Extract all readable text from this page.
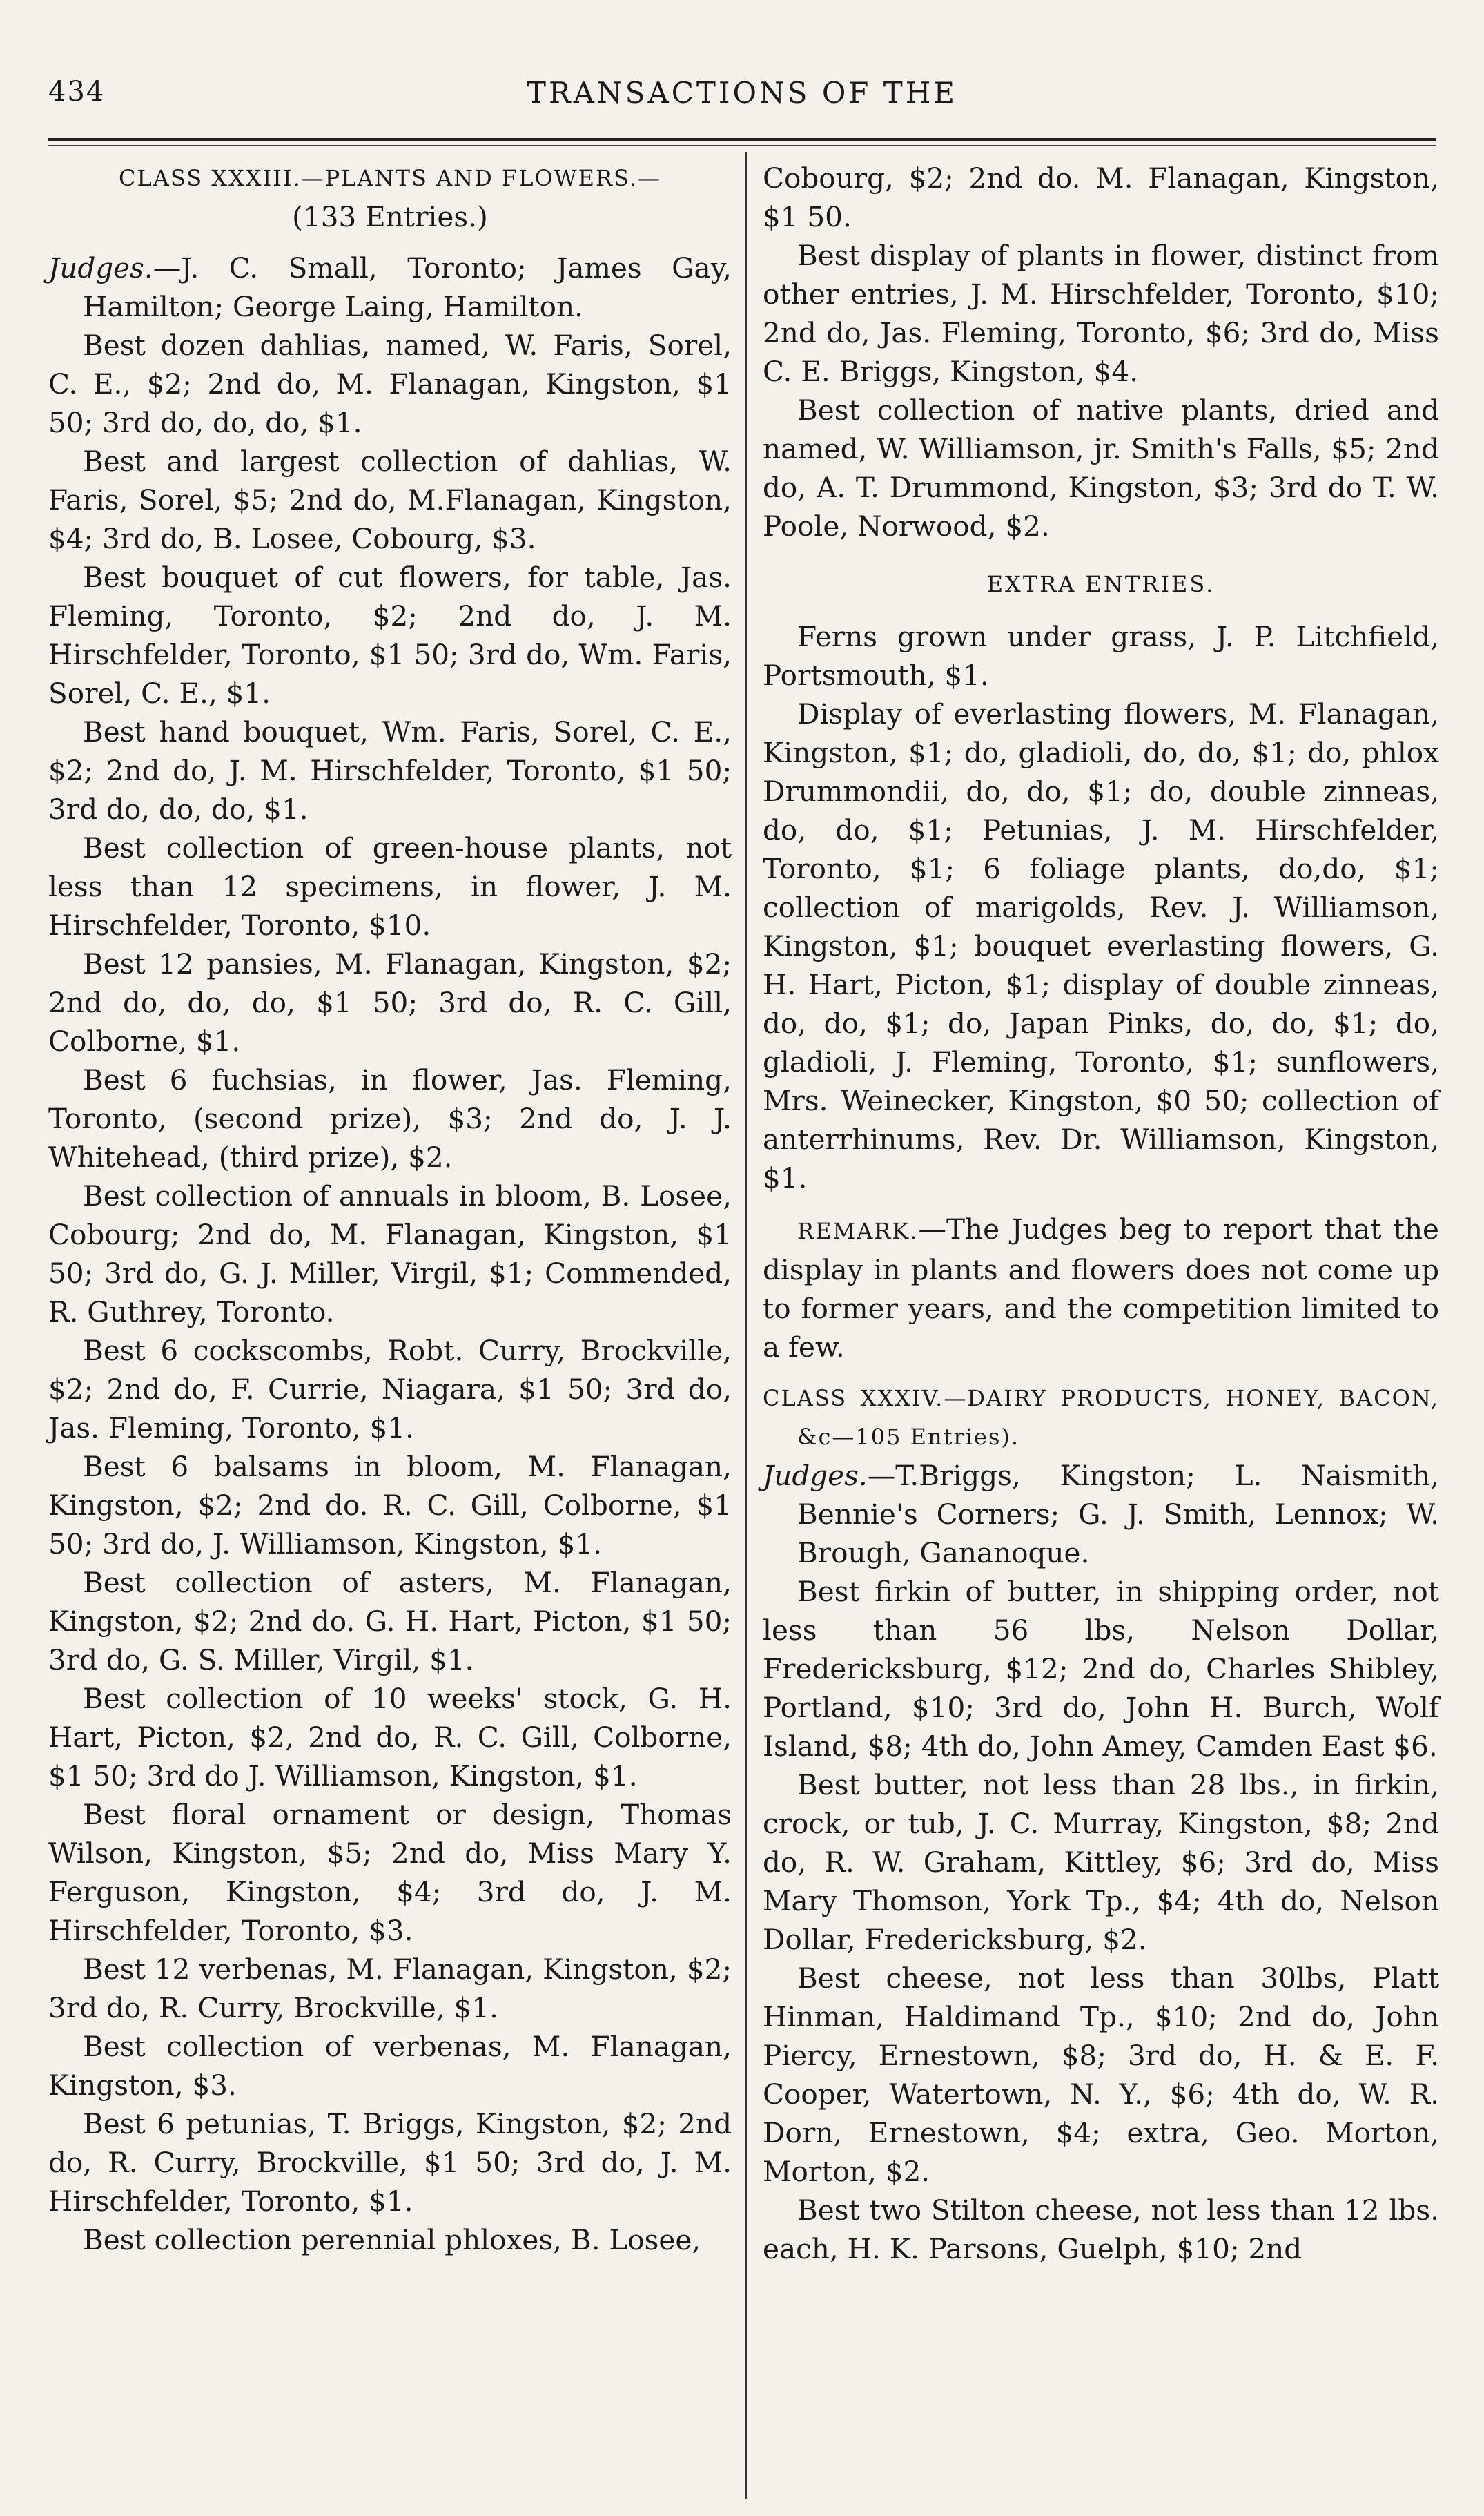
434	TRANSACTIONS OF THE

CLASS XXXIII.—PLANTS AND FLOWERS.—

(133 Entries.)

Judges.—J. C. Small, Toronto; James Gay, Hamilton; George Laing, Hamilton.

Best dozen dahlias, named, W. Faris, Sorel, C. E., $2; 2nd do, M. Flanagan, Kingston, $1 50; 3rd do, do, do, $1.

Best and largest collection of dahlias, W. Faris, Sorel, $5; 2nd do, M.Flanagan, Kingston, $4; 3rd do, B. Losee, Cobourg, $3.

Best bouquet of cut flowers, for table, Jas. Fleming, Toronto, $2; 2nd do, J. M. Hirschfelder, Toronto, $1 50; 3rd do, Wm. Faris, Sorel, C. E., $1.

Best hand bouquet, Wm. Faris, Sorel, C. E., $2; 2nd do, J. M. Hirschfelder, Toronto, $1 50; 3rd do, do, do, $1.

Best collection of green-house plants, not less than 12 specimens, in flower, J. M. Hirschfelder, Toronto, $10.

Best 12 pansies, M. Flanagan, Kingston, $2; 2nd do, do, do, $1 50; 3rd do, R. C. Gill, Colborne, $1.

Best 6 fuchsias, in flower, Jas. Fleming, Toronto, (second prize), $3; 2nd do, J. J. Whitehead, (third prize), $2.

Best collection of annuals in bloom, B. Losee, Cobourg; 2nd do, M. Flanagan, Kingston, $1 50; 3rd do, G. J. Miller, Virgil, $1; Commended, R. Guthrey, Toronto.

Best 6 cockscombs, Robt. Curry, Brockville, $2; 2nd do, F. Currie, Niagara, $1 50; 3rd do, Jas. Fleming, Toronto, $1.

Best 6 balsams in bloom, M. Flanagan, Kingston, $2; 2nd do. R. C. Gill, Colborne, $1 50; 3rd do, J. Williamson, Kingston, $1.

Best collection of asters, M. Flanagan, Kingston, $2; 2nd do. G. H. Hart, Picton, $1 50; 3rd do, G. S. Miller, Virgil, $1.

Best collection of 10 weeks' stock, G. H. Hart, Picton, $2, 2nd do, R. C. Gill, Colborne, $1 50; 3rd do J. Williamson, Kingston, $1.

Best floral ornament or design, Thomas Wilson, Kingston, $5; 2nd do, Miss Mary Y. Ferguson, Kingston, $4; 3rd do, J. M. Hirschfelder, Toronto, $3.

Best 12 verbenas, M. Flanagan, Kingston, $2; 3rd do, R. Curry, Brockville, $1.

Best collection of verbenas, M. Flanagan, Kingston, $3.

Best 6 petunias, T. Briggs, Kingston, $2; 2nd do, R. Curry, Brockville, $1 50; 3rd do, J. M. Hirschfelder, Toronto, $1.

Best collection perennial phloxes, B. Losee,

Cobourg, $2; 2nd do. M. Flanagan, Kingston, $1 50.

Best display of plants in flower, distinct from other entries, J. M. Hirschfelder, Toronto, $10; 2nd do, Jas. Fleming, Toronto, $6; 3rd do, Miss C. E. Briggs, Kingston, $4.

Best collection of native plants, dried and named, W. Williamson, jr. Smith's Falls, $5; 2nd do, A. T. Drummond, Kingston, $3; 3rd do T. W. Poole, Norwood, $2.

EXTRA ENTRIES.

Ferns grown under grass, J. P. Litchfield, Portsmouth, $1.

Display of everlasting flowers, M. Flanagan, Kingston, $1; do, gladioli, do, do, $1; do, phlox Drummondii, do, do, $1; do, double zinneas, do, do, $1; Petunias, J. M. Hirschfelder, Toronto, $1; 6 foliage plants, do,do, $1; collection of marigolds, Rev. J. Williamson, Kingston, $1; bouquet everlasting flowers, G. H. Hart, Picton, $1; display of double zinneas, do, do, $1; do, Japan Pinks, do, do, $1; do, gladioli, J. Fleming, Toronto, $1; sunflowers, Mrs. Weinecker, Kingston, $0 50; collection of anterrhinums, Rev. Dr. Williamson, Kingston, $1.

REMARK.—The Judges beg to report that the display in plants and flowers does not come up to former years, and the competition limited to a few.

CLASS XXXIV.—DAIRY PRODUCTS, HONEY, BACON, &c—105 Entries).

Judges.—T.Briggs, Kingston; L. Naismith, Bennie's Corners; G. J. Smith, Lennox; W. Brough, Gananoque.

Best firkin of butter, in shipping order, not less than 56 lbs, Nelson Dollar, Fredericksburg, $12; 2nd do, Charles Shibley, Portland, $10; 3rd do, John H. Burch, Wolf Island, $8; 4th do, John Amey, Camden East $6.

Best butter, not less than 28 lbs., in firkin, crock, or tub, J. C. Murray, Kingston, $8; 2nd do, R. W. Graham, Kittley, $6; 3rd do, Miss Mary Thomson, York Tp., $4; 4th do, Nelson Dollar, Fredericksburg, $2.

Best cheese, not less than 30lbs, Platt Hinman, Haldimand Tp., $10; 2nd do, John Piercy, Ernestown, $8; 3rd do, H. & E. F. Cooper, Watertown, N. Y., $6; 4th do, W. R. Dorn, Ernestown, $4; extra, Geo. Morton, Morton, $2.

Best two Stilton cheese, not less than 12 lbs. each, H. K. Parsons, Guelph, $10; 2nd
